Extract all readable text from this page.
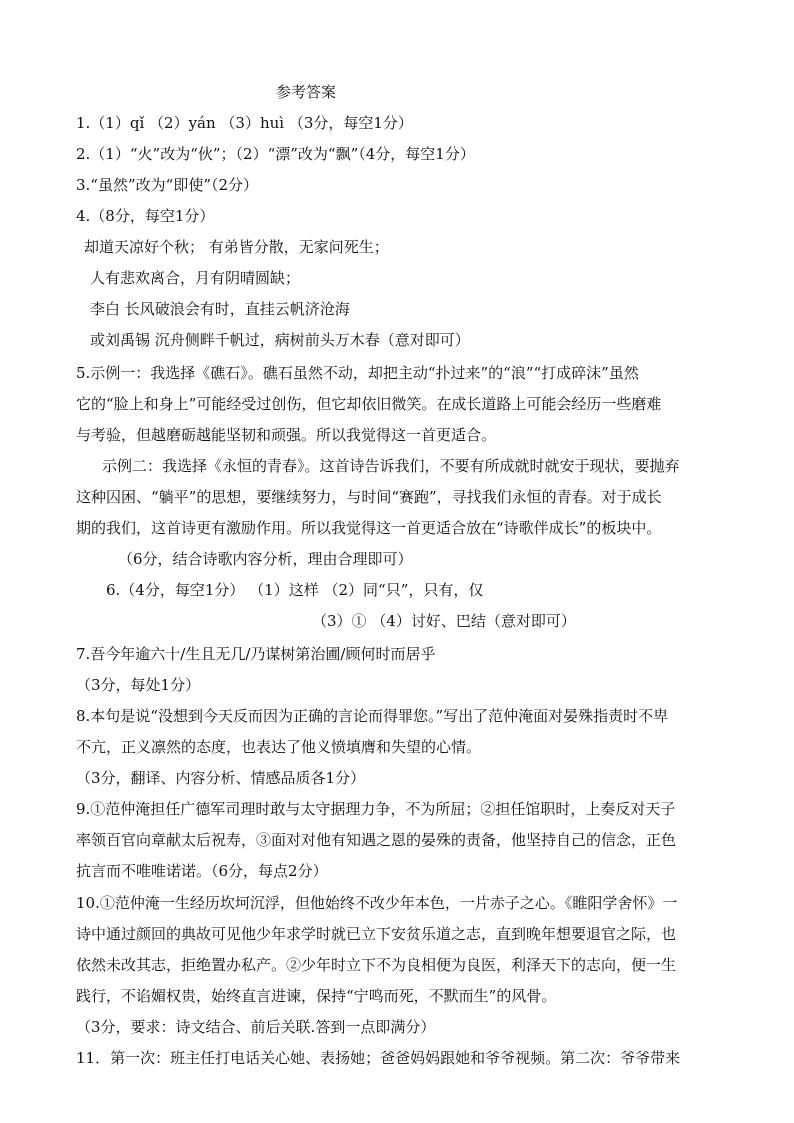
参考答案

1.（1）qǐ （2）yán （3）huì （3分，每空1分）

2.（1）“火”改为“伙”；（2）“漂”改为“飘”（4分，每空1分）

3.“虽然”改为“即使”（2分）

4.（8分，每空1分）

却道天凉好个秋； 有弟皆分散，无家问死生；

人有悲欢离合，月有阴晴圆缺；

李白 长风破浪会有时，直挂云帆济沧海

或刘禹锡 沉舟侧畔千帆过，病树前头万木春（意对即可）

5.示例一：我选择《礁石》。礁石虽然不动，却把主动“扑过来”的“浪”“打成碎沫”虽然

它的“脸上和身上”可能经受过创伤，但它却依旧微笑。在成长道路上可能会经历一些磨难

与考验，但越磨砺越能坚韧和顽强。所以我觉得这一首更适合。

示例二：我选择《永恒的青春》。这首诗告诉我们，不要有所成就时就安于现状，要抛弃

这种囚困、“躺平”的思想，要继续努力，与时间“赛跑”，寻找我们永恒的青春。对于成长

期的我们，这首诗更有激励作用。所以我觉得这一首更适合放在“诗歌伴成长”的板块中。

（6分，结合诗歌内容分析，理由合理即可）

6.（4分，每空1分） （1）这样 （2）同“只”，只有，仅

（3）① （4）讨好、巴结（意对即可）

7.吾今年逾六十/生且无几/乃谋树第治圃/顾何时而居乎

（3分，每处1分）

8.本句是说“没想到今天反而因为正确的言论而得罪您。”写出了范仲淹面对晏殊指责时不卑

不亢，正义凛然的态度，也表达了他义愤填膺和失望的心情。

（3分，翻译、内容分析、情感品质各1分）

9.①范仲淹担任广德军司理时敢与太守据理力争，不为所屈；②担任馆职时，上奏反对天子

率领百官向章献太后祝寿，③面对对他有知遇之恩的晏殊的责备，他坚持自己的信念，正色

抗言而不唯唯诺诺。（6分，每点2分）

10.①范仲淹一生经历坎坷沉浮，但他始终不改少年本色，一片赤子之心。《睢阳学舍怀》一

诗中通过颜回的典故可见他少年求学时就已立下安贫乐道之志，直到晚年想要退官之际，也

依然未改其志，拒绝置办私产。②少年时立下不为良相便为良医，利泽天下的志向，便一生

践行，不谄媚权贵，始终直言进谏，保持“宁鸣而死，不默而生”的风骨。

（3分，要求：诗文结合、前后关联.答到一点即满分）

11．第一次：班主任打电话关心她、表扬她；爸爸妈妈跟她和爷爷视频。第二次：爷爷带来
